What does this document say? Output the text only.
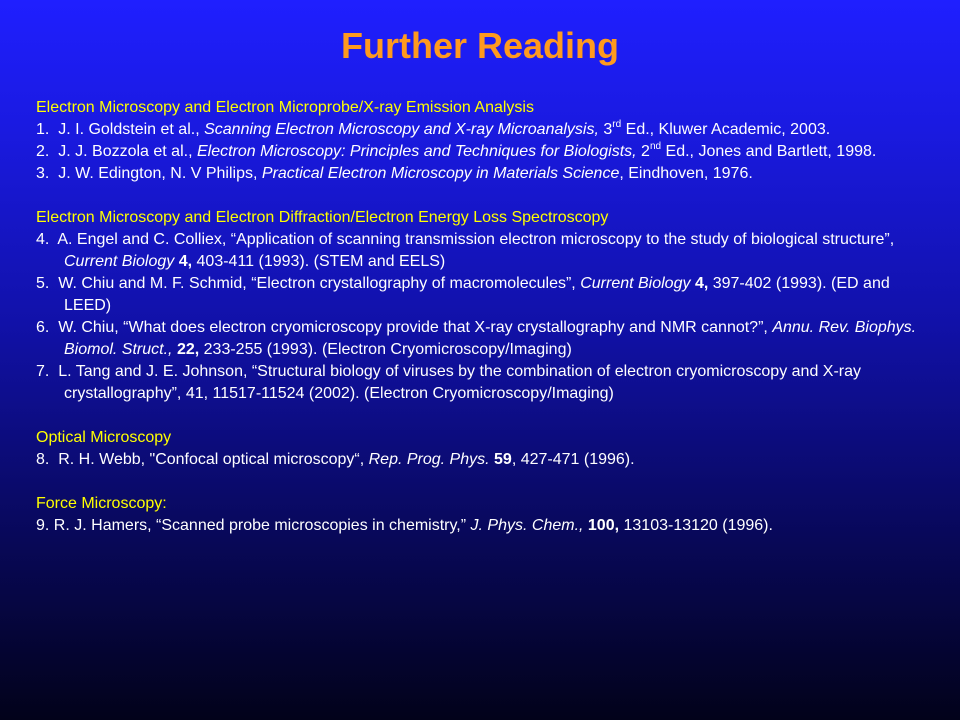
Further Reading
Electron Microscopy and Electron Microprobe/X-ray Emission Analysis
1. J. I. Goldstein et al., Scanning Electron Microscopy and X-ray Microanalysis, 3rd Ed., Kluwer Academic, 2003.
2. J. J. Bozzola et al., Electron Microscopy: Principles and Techniques for Biologists, 2nd Ed., Jones and Bartlett, 1998.
3. J. W. Edington, N. V Philips, Practical Electron Microscopy in Materials Science, Eindhoven, 1976.
Electron Microscopy and Electron Diffraction/Electron Energy Loss Spectroscopy
4. A. Engel and C. Colliex, “Application of scanning transmission electron microscopy to the study of biological structure”, Current Biology 4, 403-411 (1993). (STEM and EELS)
5. W. Chiu and M. F. Schmid, “Electron crystallography of macromolecules”, Current Biology 4, 397-402 (1993). (ED and LEED)
6. W. Chiu, “What does electron cryomicroscopy provide that X-ray crystallography and NMR cannot?”, Annu. Rev. Biophys. Biomol. Struct., 22, 233-255 (1993). (Electron Cryomicroscopy/Imaging)
7. L. Tang and J. E. Johnson, “Structural biology of viruses by the combination of electron cryomicroscopy and X-ray crystallography”, 41, 11517-11524 (2002). (Electron Cryomicroscopy/Imaging)
Optical Microscopy
8. R. H. Webb, "Confocal optical microscopy“, Rep. Prog. Phys. 59, 427-471 (1996).
Force Microscopy:
9. R. J. Hamers, “Scanned probe microscopies in chemistry,” J. Phys. Chem., 100, 13103-13120 (1996).
